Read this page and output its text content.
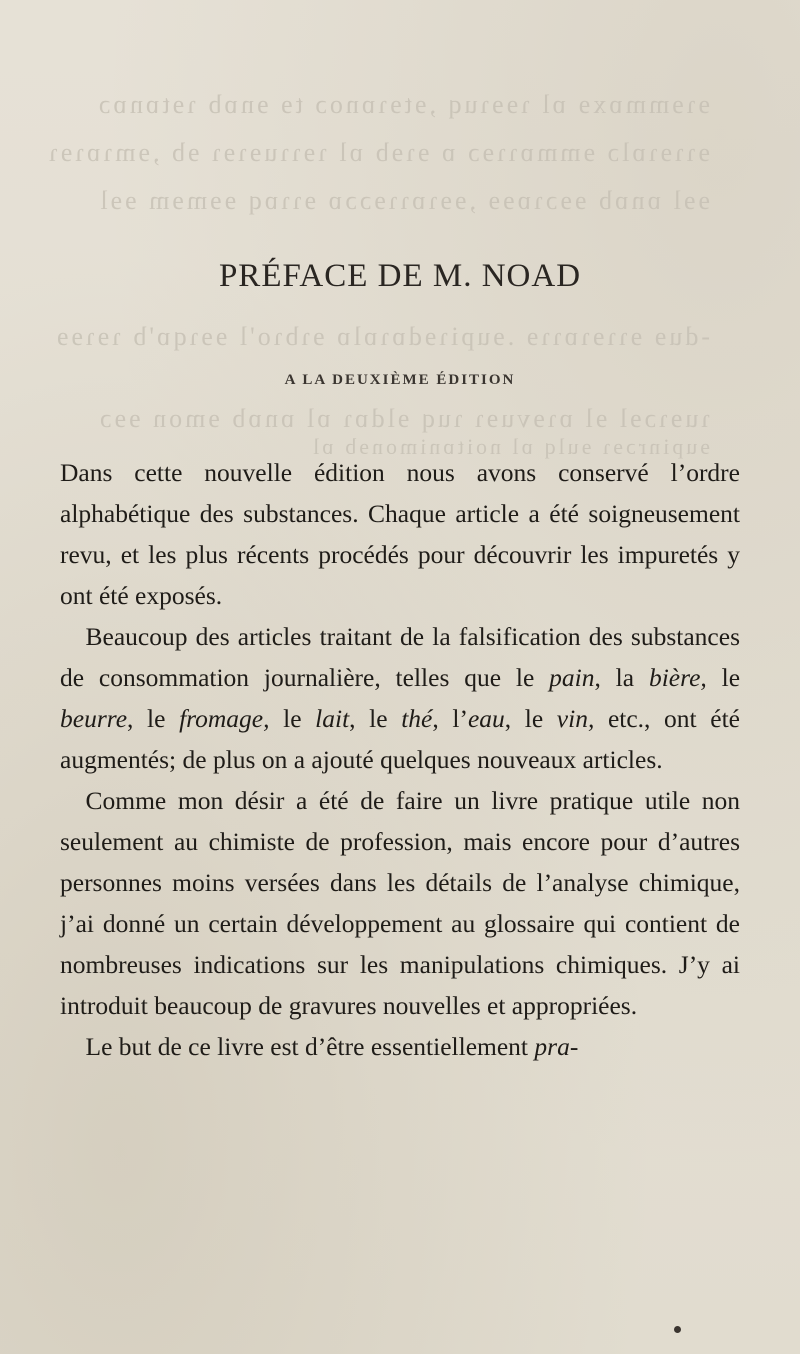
ɘɿɘmmɒxɘ ɒl ɿɘɘɿuq ,ɘtɘɿɒnoɔ tɘ ɘnɒb ɿɘtɒnɒɔ
ɘɿɿɘɿɒlɔ ɘmmɒɿɿɘɔ ɒ ɘɿɘb ɒl ɿɘɿɿuɘɿɘɿ ɘb ,ɘmɿɒɿɘɿ
ɘɘl ɒnɒb ɘɘɔɿɒɘɘ ,ɘɘɿɒɿɿɘɔɔɒ ɘɿɿɒq ɘɘmɘm ɘɘl
-duɘ ɘɿɿɘɿɒɿɿɘ .ɘupiɿɘdɒɿɒlɒ ɘɿbɿo'l ɘɘɿqɒ'b ɿɘɿɘɘ
ɿuɘɿɔɘl ɘl ɒɿɘvuɘɿ ɿuq ɘldɒɿ ɒl ɒnɒb ɘmon ɘɘɔ
ɘupinrɔɘɿ ɘulq ɒl noitɒnimonɘb ɒl
PRÉFACE DE M. NOAD
A LA DEUXIÈME ÉDITION

Dans cette nouvelle édition nous avons conservé l’ordre alphabétique des substances. Chaque article a été soigneusement revu, et les plus récents procédés pour découvrir les impuretés y ont été exposés.

Beaucoup des articles traitant de la falsification des substances de consommation journalière, telles que le pain, la bière, le beurre, le fromage, le lait, le thé, l’eau, le vin, etc., ont été augmentés; de plus on a ajouté quelques nouveaux articles.

Comme mon désir a été de faire un livre pratique utile non seulement au chimiste de profession, mais encore pour d’autres personnes moins versées dans les détails de l’analyse chimique, j’ai donné un certain développement au glossaire qui contient de nombreuses indications sur les manipulations chimiques. J’y ai introduit beaucoup de gravures nouvelles et appropriées.

Le but de ce livre est d’être essentiellement pra-
